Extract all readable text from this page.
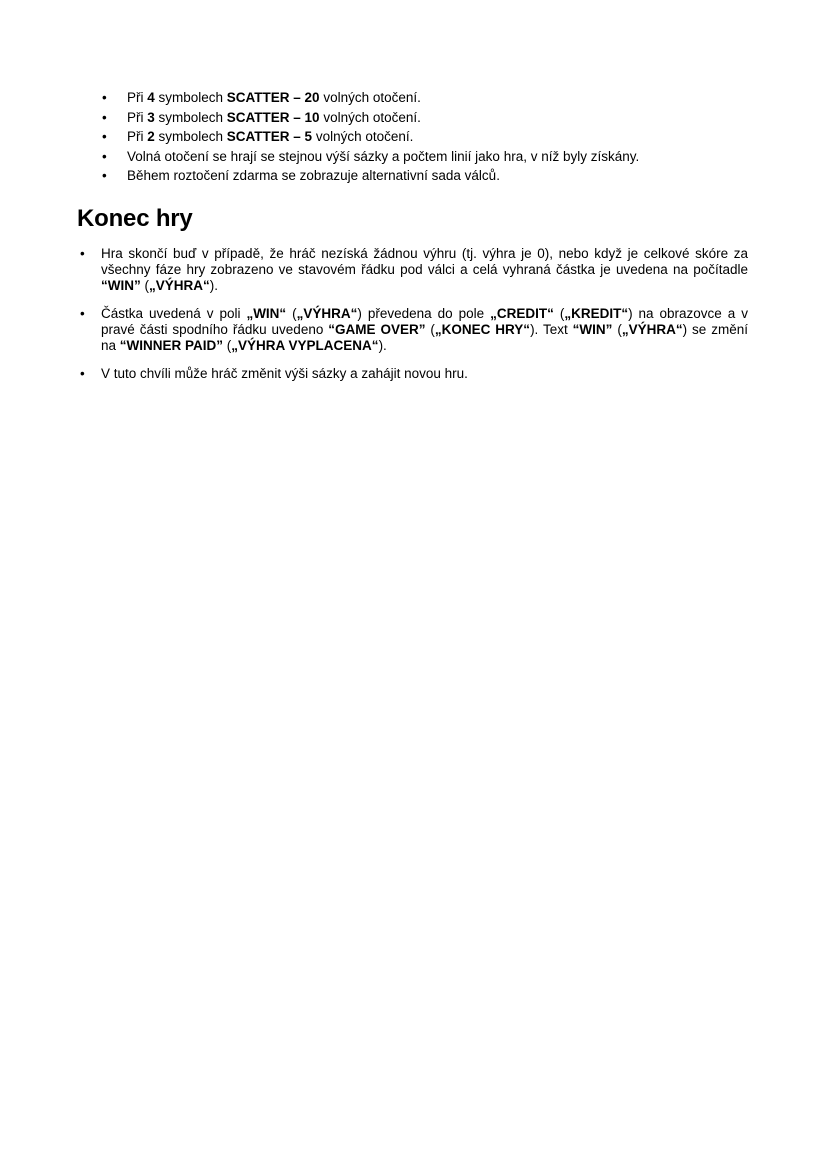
• Při 4 symbolech SCATTER – 20 volných otočení.
• Při 3 symbolech SCATTER – 10 volných otočení.
• Při 2 symbolech SCATTER – 5 volných otočení.
• Volná otočení se hrají se stejnou výší sázky a počtem linií jako hra, v níž byly získány.
• Během roztočení zdarma se zobrazuje alternativní sada válců.
Konec hry
• Hra skončí buď v případě, že hráč nezíská žádnou výhru (tj. výhra je 0), nebo když je celkové skóre za všechny fáze hry zobrazeno ve stavovém řádku pod válci a celá vyhraná částka je uvedena na počítadle “WIN” („VÝHRA“).
• Částka uvedená v poli „WIN“ („VÝHRA“) převedena do pole „CREDIT“ („KREDIT“) na obrazovce a v pravé části spodního řádku uvedeno “GAME OVER” („KONEC HRY“). Text “WIN” („VÝHRA“) se změní na “WINNER PAID” („VÝHRA VYPLACENA“).
• V tuto chvíli může hráč změnit výši sázky a zahájit novou hru.
